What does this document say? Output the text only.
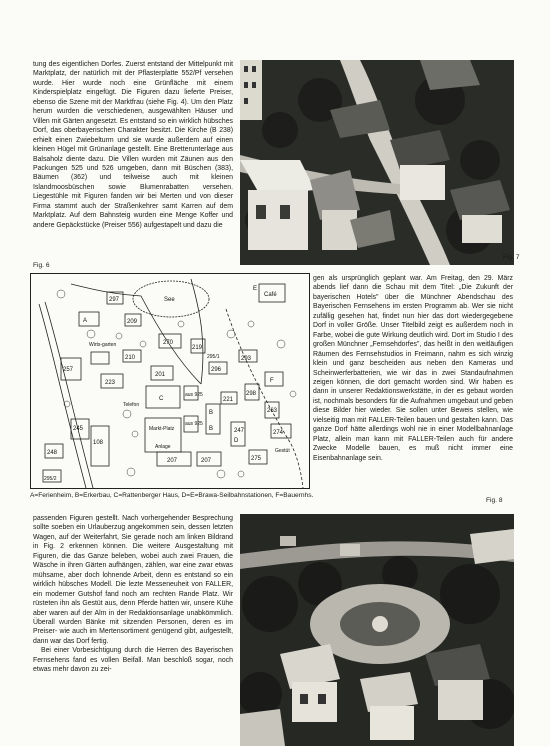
tung des eigentlichen Dorfes. Zuerst entstand der Mittelpunkt mit Marktplatz, der natürlich mit der Pflasterplatte 552/Pf versehen wurde. Hier wurde noch eine Grünfläche mit einem Kinderspielplatz eingefügt. Die Figuren dazu lieferte Preiser, ebenso die Szene mit der Marktfrau (siehe Fig. 4). Um den Platz herum wurden die verschiedenen, ausgewählten Häuser und Villen mit Gärten angesetzt. Es entstand so ein wirklich hübsches Dorf, das oberbayerischen Charakter besitzt. Die Kirche (B 238) erhielt einen Zwiebelturm und sie wurde außerdem auf einen kleinen Hügel mit Grünanlage gestellt. Eine Bretterunterlage aus Balsaholz diente dazu. Die Villen wurden mit Zäunen aus den Packungen 525 und 526 umgeben, dann mit Büschen (383), Bäumen (362) und teilweise auch mit kleinen Islandmoosbüschen sowie Blumenrabatten versehen. Liegestühle mit Figuren fanden wir bei Merten und von dieser Firma stammt auch der Straßenkehrer samt Karren auf dem Marktplatz. Auf dem Bahnsteig wurden eine Menge Koffer und andere Gepäckstücke (Preiser 556) aufgestapelt und dazu die

Fig. 7

Fig. 6

See
Café
E
A
297
209
270
219
257
Wirts-garten
210
223
201
295/1
296
293
F
C
aus 925
221
298
Telefon
B
B
aus 925
247
263
245
108
Markt-Platz
Anlage
D
274
248
207	207	275
Gestüt
295/2

A=Ferienheim, B=Erkerbau, C=Rattenberger Haus, D=E=Brawa-Seilbahnstationen, F=Bauernhs.

gen als ursprünglich geplant war. Am Freitag, den 29. März abends lief dann die Schau mit dem Titel: „Die Zukunft der bayerischen Hotels" über die Münchner Abendschau des Bayerischen Fernsehens im ersten Programm ab. Wer sie nicht zufällig gesehen hat, findet nun hier das dort wiedergegebene Dorf in voller Größe. Unser Titelbild zeigt es außerdem noch in Farbe, wobei die gute Wirkung deutlich wird. Dort im Studio I des großen Münchner „Fernsehdorfes", das heißt in den weitläufigen Räumen des Fernsehstudios in Freimann, nahm es sich winzig klein und ganz bescheiden aus neben den Kameras und Scheinwerferbatterien, wie wir das in zwei Standaufnahmen zeigen können, die dort gemacht worden sind. Wir haben es dann in unserer Redaktionswerkstätte, in der es gebaut worden ist, nochmals besonders für die Aufnahmen umgebaut und geben diese Bilder hier wieder. Sie sollen unter Beweis stellen, wie vielseitig man mit FALLER-Teilen bauen und gestalten kann. Das ganze Dorf hätte allerdings wohl nie in einer Modellbahnanlage Platz, allein man kann mit FALLER-Teilen auch für andere Zwecke Modelle bauen, es muß nicht immer eine Eisenbahnanlage sein.

Fig. 8

passenden Figuren gestellt. Nach vorhergehender Besprechung sollte soeben ein Urlauberzug angekommen sein, dessen letzten Wagen, auf der Weiterfahrt, Sie gerade noch am linken Bildrand in Fig. 2 erkennen können. Die weitere Ausgestaltung mit Figuren, die das Ganze beleben, wobei auch zwei Frauen, die Wäsche in ihren Gärten aufhängen, zählen, war eine zwar etwas mühsame, aber doch lohnende Arbeit, denn es entstand so ein wirklich hübsches Modell. Die lezte Messeneuheit von FALLER, ein moderner Gutshof fand noch am rechten Rande Platz. Wir rüsteten ihn als Gestüt aus, denn Pferde hatten wir, unsere Kühe aber waren auf der Alm in der Redaktionsanlage unabkömmlich. Überall wurden Bänke mit sitzenden Personen, deren es im Preiser- wie auch im Mertensortiment genügend gibt, aufgestellt, dann war das Dorf fertig.

Bei einer Vorbesichtigung durch die Herren des Bayerischen Fernsehens fand es vollen Beifall. Man beschloß sogar, noch etwas mehr davon zu zei-
